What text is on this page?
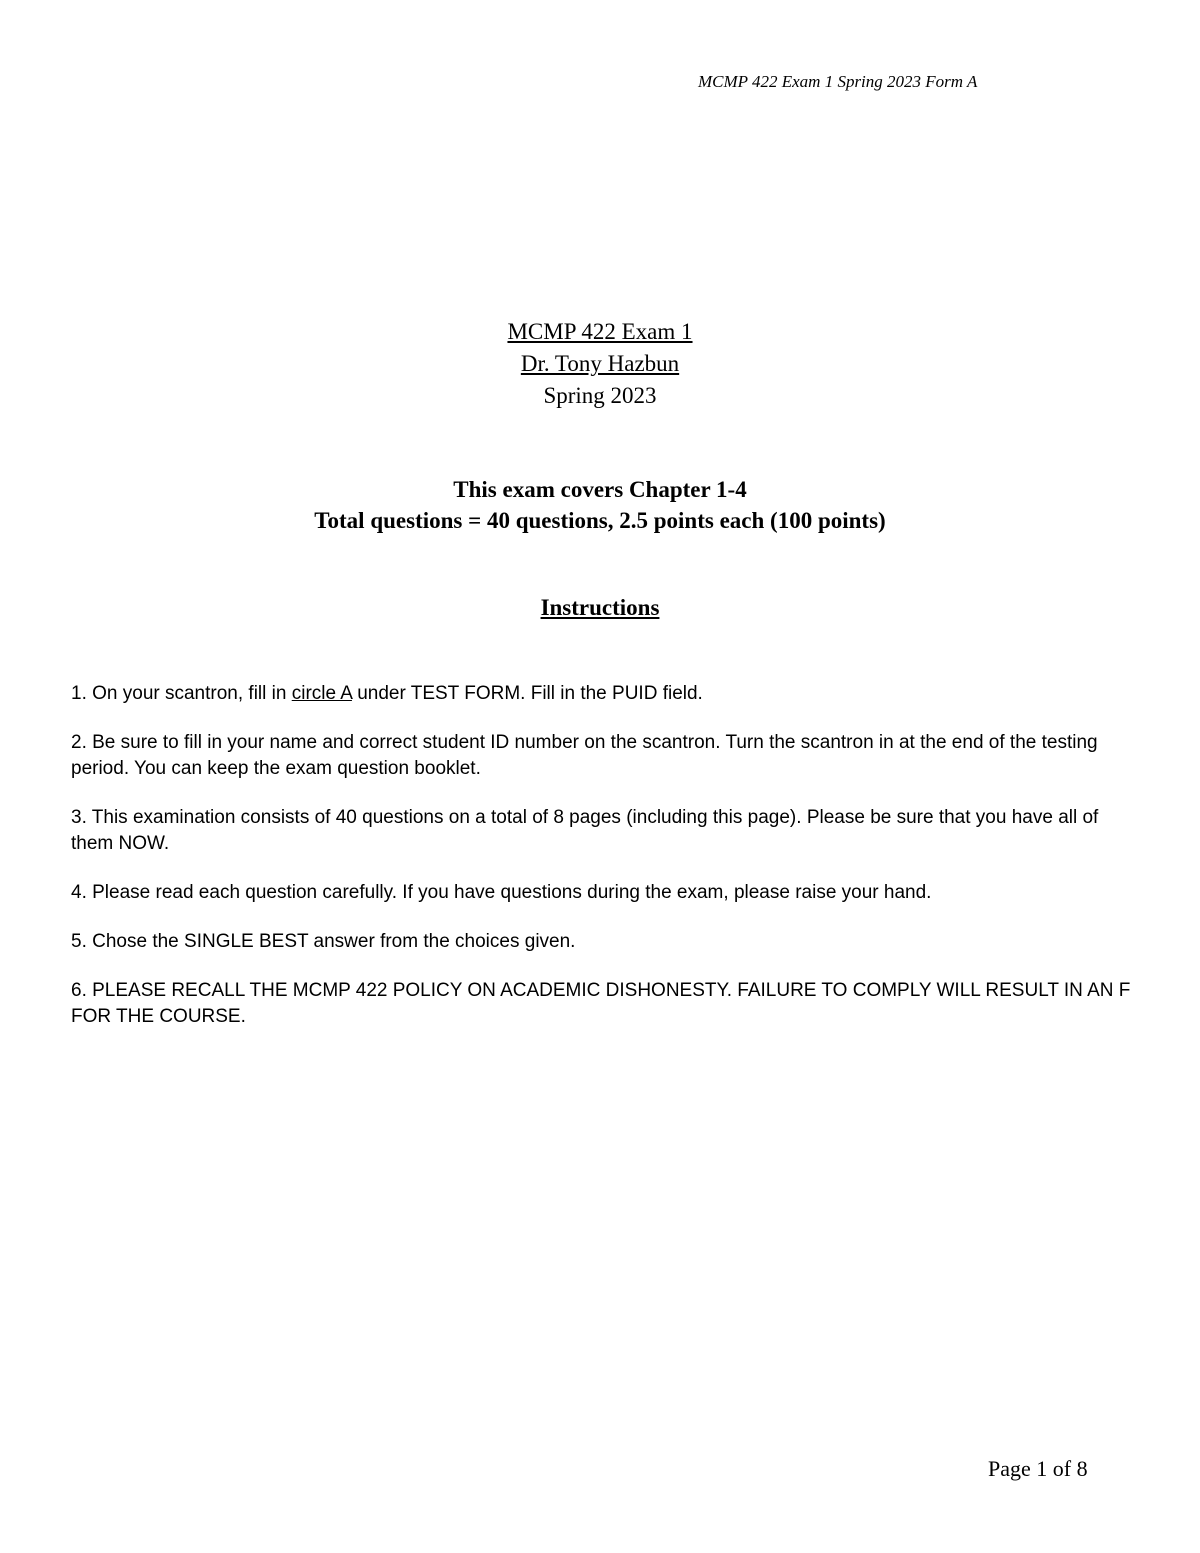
MCMP 422 Exam 1 Spring 2023 Form A
MCMP 422 Exam 1
Dr. Tony Hazbun
Spring 2023
This exam covers Chapter 1-4
Total questions = 40 questions, 2.5 points each (100 points)
Instructions

1. On your scantron, fill in circle A under TEST FORM. Fill in the PUID field.

2. Be sure to fill in your name and correct student ID number on the scantron. Turn the scantron in at the end of the testing period. You can keep the exam question booklet.

3. This examination consists of 40 questions on a total of 8 pages (including this page). Please be sure that you have all of them NOW.

4. Please read each question carefully. If you have questions during the exam, please raise your hand.

5. Chose the SINGLE BEST answer from the choices given.

6. PLEASE RECALL THE MCMP 422 POLICY ON ACADEMIC DISHONESTY. FAILURE TO COMPLY WILL RESULT IN AN F FOR THE COURSE.

Page 1 of 8
